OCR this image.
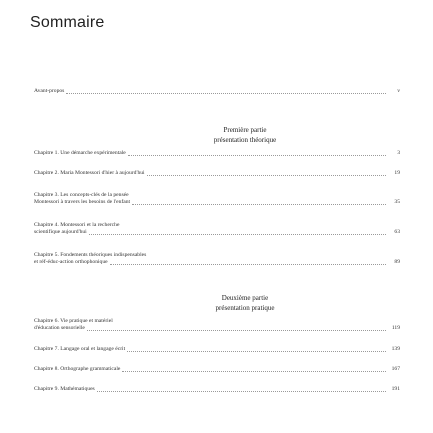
Sommaire
Avant-propos	v
Première partie
présentation théorique
Chapitre 1. Une démarche expérimentale	3
Chapitre 2. Maria Montessori d'hier à aujourd'hui	19
Chapitre 3. Les concepts-clés de la pensée
Montessori à travers les besoins de l'enfant	35
Chapitre 4. Montessori et la recherche
scientifique aujourd'hui	63
Chapitre 5. Fondements théoriques indispensables
et réf-éduc-action orthophonique	89
Deuxième partie
présentation pratique
Chapitre 6. Vie pratique et matériel
d'éducation sensorielle	119
Chapitre 7. Langage oral et langage écrit	139
Chapitre 8. Orthographe grammaticale	167
Chapitre 9. Mathématiques	191
